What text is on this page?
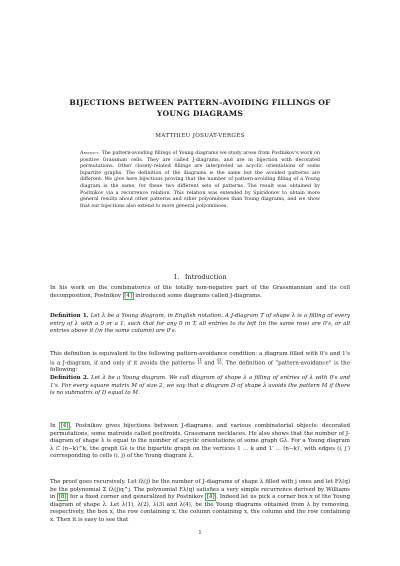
BIJECTIONS BETWEEN PATTERN-AVOIDING FILLINGS OF
YOUNG DIAGRAMS
MATTHIEU JOSUAT-VERGÈS
Abstract. The pattern-avoiding fillings of Young diagrams we study arose from Postnikov's work on positive Grassman cells. They are called J-diagrams, and are in bijection with decorated permutations. Other closely-related fillings are interpreted as acyclic orientations of some bipartite graphs. The definition of the diagrams is the same but the avoided patterns are different. We give here bijections proving that the number of pattern-avoiding filling of a Young diagram is the same, for these two different sets of patterns. The result was obtained by Postnikov via a recurrence relation. This relation was extended by Spiridonov to obtain more general results about other patterns and other polyominoes than Young diagrams, and we show that our bijections also extend to more general polyominoes.
1. Introduction
In his work on the combinatorics of the totally non-negative part of the Grassmannian and its cell decomposition, Postnikov [4] introduced some diagrams called J-diagrams.
Definition 1. Let λ be a Young diagram, in English notation. A J-diagram T of shape λ is a filling of every entry of λ with a 0 or a 1, such that for any 0 in T, all entries to its left (in the same row) are 0's, or all entries above it (in the same column) are 0's.
This definition is equivalent to the following pattern-avoidance condition: a diagram filled with 0's and 1's is a J-diagram, if and only if it avoids the patterns 11
10 and 01
10. The definition of “pattern-avoidance” is the following:
Definition 2. Let λ be a Young diagram. We call diagram of shape λ a filling of entries of λ with 0's and 1's. For every square matrix M of size 2, we say that a diagram D of shape λ avoids the pattern M if there is no submatrix of D equal to M.
In [4] , Postnikov gives bijections between J-diagrams, and various combinatorial objects: decorated permutations, some matroids called positroids, Grassmann necklaces. He also shows that the number of J-diagram of shape λ is equal to the number of acyclic orientations of some graph Gλ. For a Young diagram λ ⊂ (n−k)^k, the graph Gλ is the bipartite graph on the vertices 1 … k and 1′ … (n−k)′, with edges (i, j′) corresponding to cells (i, j) of the Young diagram λ.
The proof goes recursively. Let fλ(j) be the number of J-diagrams of shape λ filled with j ones and let Fλ(q) be the polynomial Σ fλ(j)q^j. The polynomial Fλ(q) satisfies a very simple recurrence derived by Williams in [8] for a fixed corner and generalized by Postnikov [4] . Indeed let us pick a corner box x of the Young diagram of shape λ. Let λ(1), λ(2), λ(3) and λ(4), be the Young diagrams obtained from λ by removing, respectively, the box x, the row containing x, the column containing x, the column and the row containing x. Then it is easy to see that
1
